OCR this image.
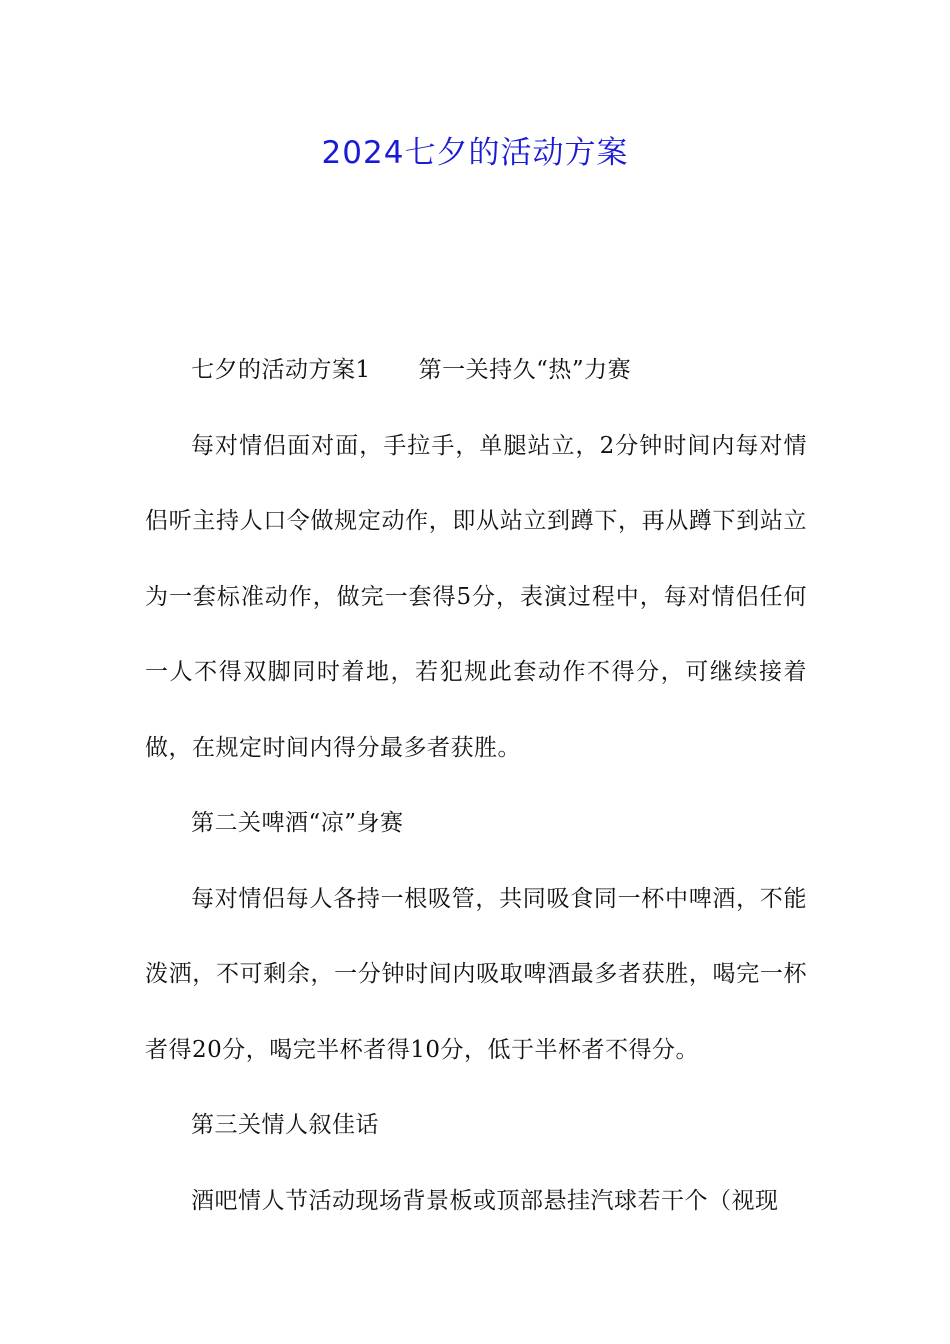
2024七夕的活动方案

七夕的活动方案1 第一关持久“热”力赛

每对情侣面对面，手拉手，单腿站立，2分钟时间内每对情侣听主持人口令做规定动作，即从站立到蹲下，再从蹲下到站立为一套标准动作，做完一套得5分，表演过程中，每对情侣任何一人不得双脚同时着地，若犯规此套动作不得分，可继续接着做，在规定时间内得分最多者获胜。

第二关啤酒“凉”身赛

每对情侣每人各持一根吸管，共同吸食同一杯中啤酒，不能泼洒，不可剩余，一分钟时间内吸取啤酒最多者获胜，喝完一杯者得20分，喝完半杯者得10分，低于半杯者不得分。

第三关情人叙佳话

酒吧情人节活动现场背景板或顶部悬挂汽球若干个（视现
